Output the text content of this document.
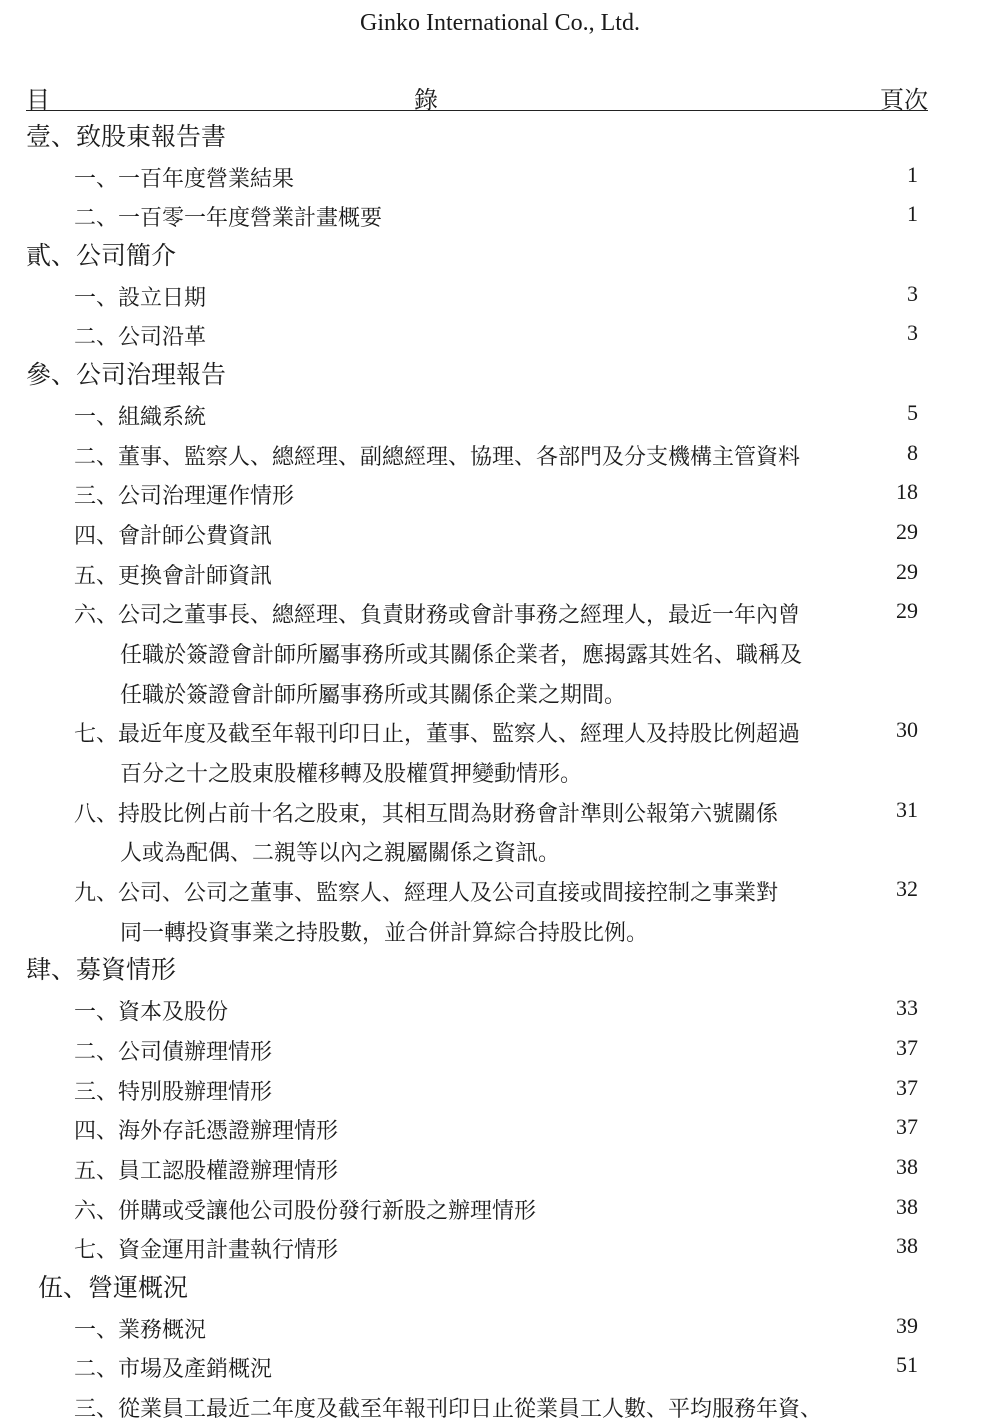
Ginko International Co., Ltd.
目	錄	頁次
壹、致股東報告書
一、一百年度營業結果	1
二、一百零一年度營業計畫概要	1
貳、公司簡介
一、設立日期	3
二、公司沿革	3
參、公司治理報告
一、組織系統	5
二、董事、監察人、總經理、副總經理、協理、各部門及分支機構主管資料	8
三、公司治理運作情形	18
四、會計師公費資訊	29
五、更換會計師資訊	29
六、公司之董事長、總經理、負責財務或會計事務之經理人，最近一年內曾	29
任職於簽證會計師所屬事務所或其關係企業者，應揭露其姓名、職稱及
任職於簽證會計師所屬事務所或其關係企業之期間。
七、最近年度及截至年報刊印日止，董事、監察人、經理人及持股比例超過	30
百分之十之股東股權移轉及股權質押變動情形。
八、持股比例占前十名之股東，其相互間為財務會計準則公報第六號關係	31
人或為配偶、二親等以內之親屬關係之資訊。
九、公司、公司之董事、監察人、經理人及公司直接或間接控制之事業對	32
同一轉投資事業之持股數，並合併計算綜合持股比例。
肆、募資情形
一、資本及股份	33
二、公司債辦理情形	37
三、特別股辦理情形	37
四、海外存託憑證辦理情形	37
五、員工認股權證辦理情形	38
六、併購或受讓他公司股份發行新股之辦理情形	38
七、資金運用計畫執行情形	38
伍、營運概況
一、業務概況	39
二、市場及產銷概況	51
三、從業員工最近二年度及截至年報刊印日止從業員工人數、平均服務年資、
